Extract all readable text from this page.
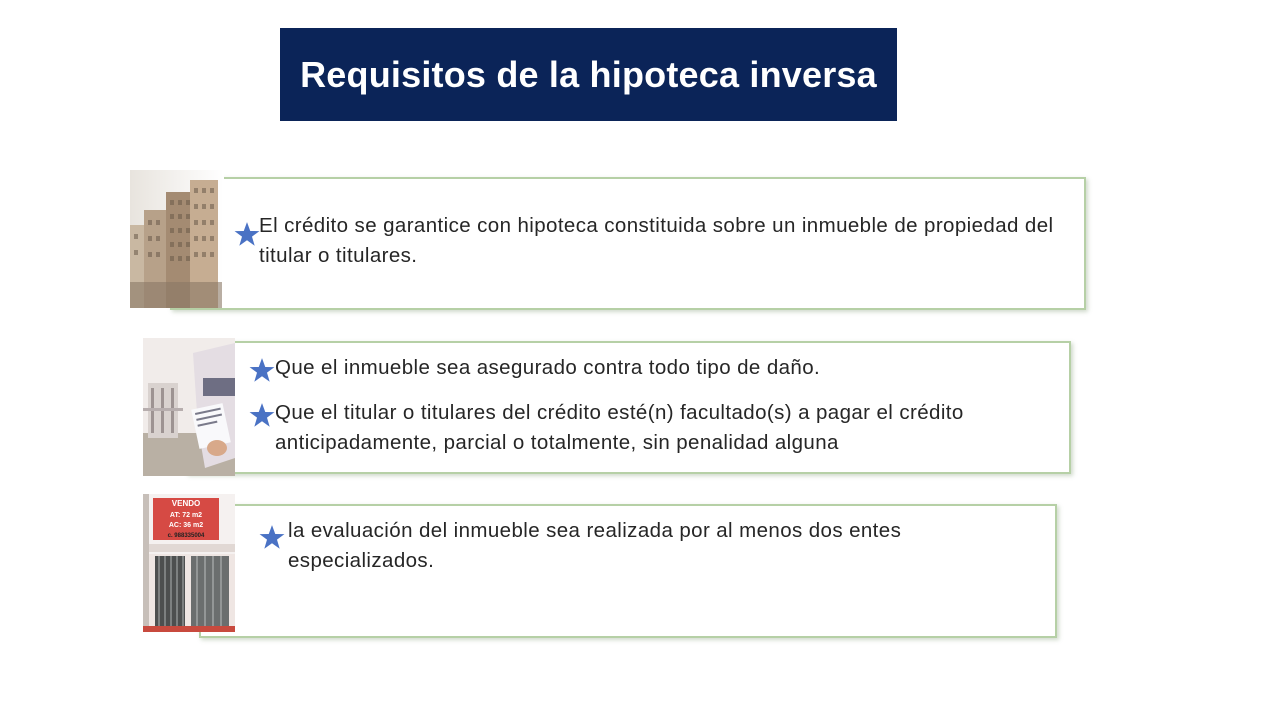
Requisitos de la hipoteca inversa
El crédito se garantice con hipoteca constituida sobre un inmueble de propiedad del titular o titulares.
Que el inmueble sea asegurado contra todo tipo de daño.
Que el titular o titulares del crédito esté(n) facultado(s) a pagar el crédito anticipadamente, parcial o totalmente, sin penalidad alguna
VENDO
AT: 72 m2
AC: 36 m2
c. 988335004	la evaluación del inmueble sea realizada por al menos dos entes especializados.
